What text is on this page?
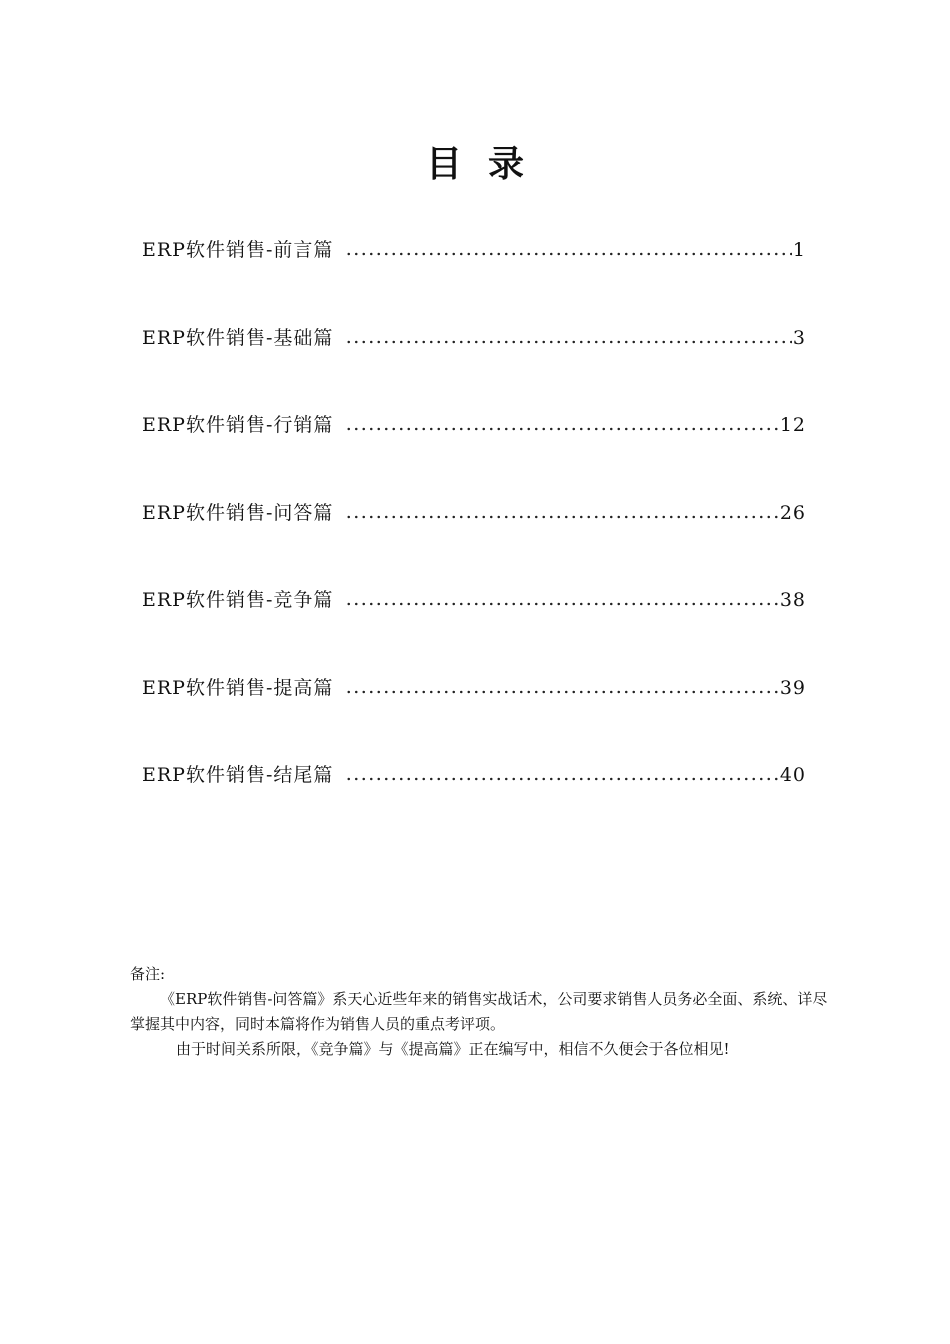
目录
ERP软件销售-前言篇	1
ERP软件销售-基础篇	3
ERP软件销售-行销篇	12
ERP软件销售-问答篇	26
ERP软件销售-竞争篇	38
ERP软件销售-提高篇	39
ERP软件销售-结尾篇	40

备注:

《ERP软件销售-问答篇》系天心近些年来的销售实战话术，公司要求销售人员务必全面、系统、详尽掌握其中内容，同时本篇将作为销售人员的重点考评项。

由于时间关系所限，《竞争篇》与《提高篇》正在编写中，相信不久便会于各位相见!
